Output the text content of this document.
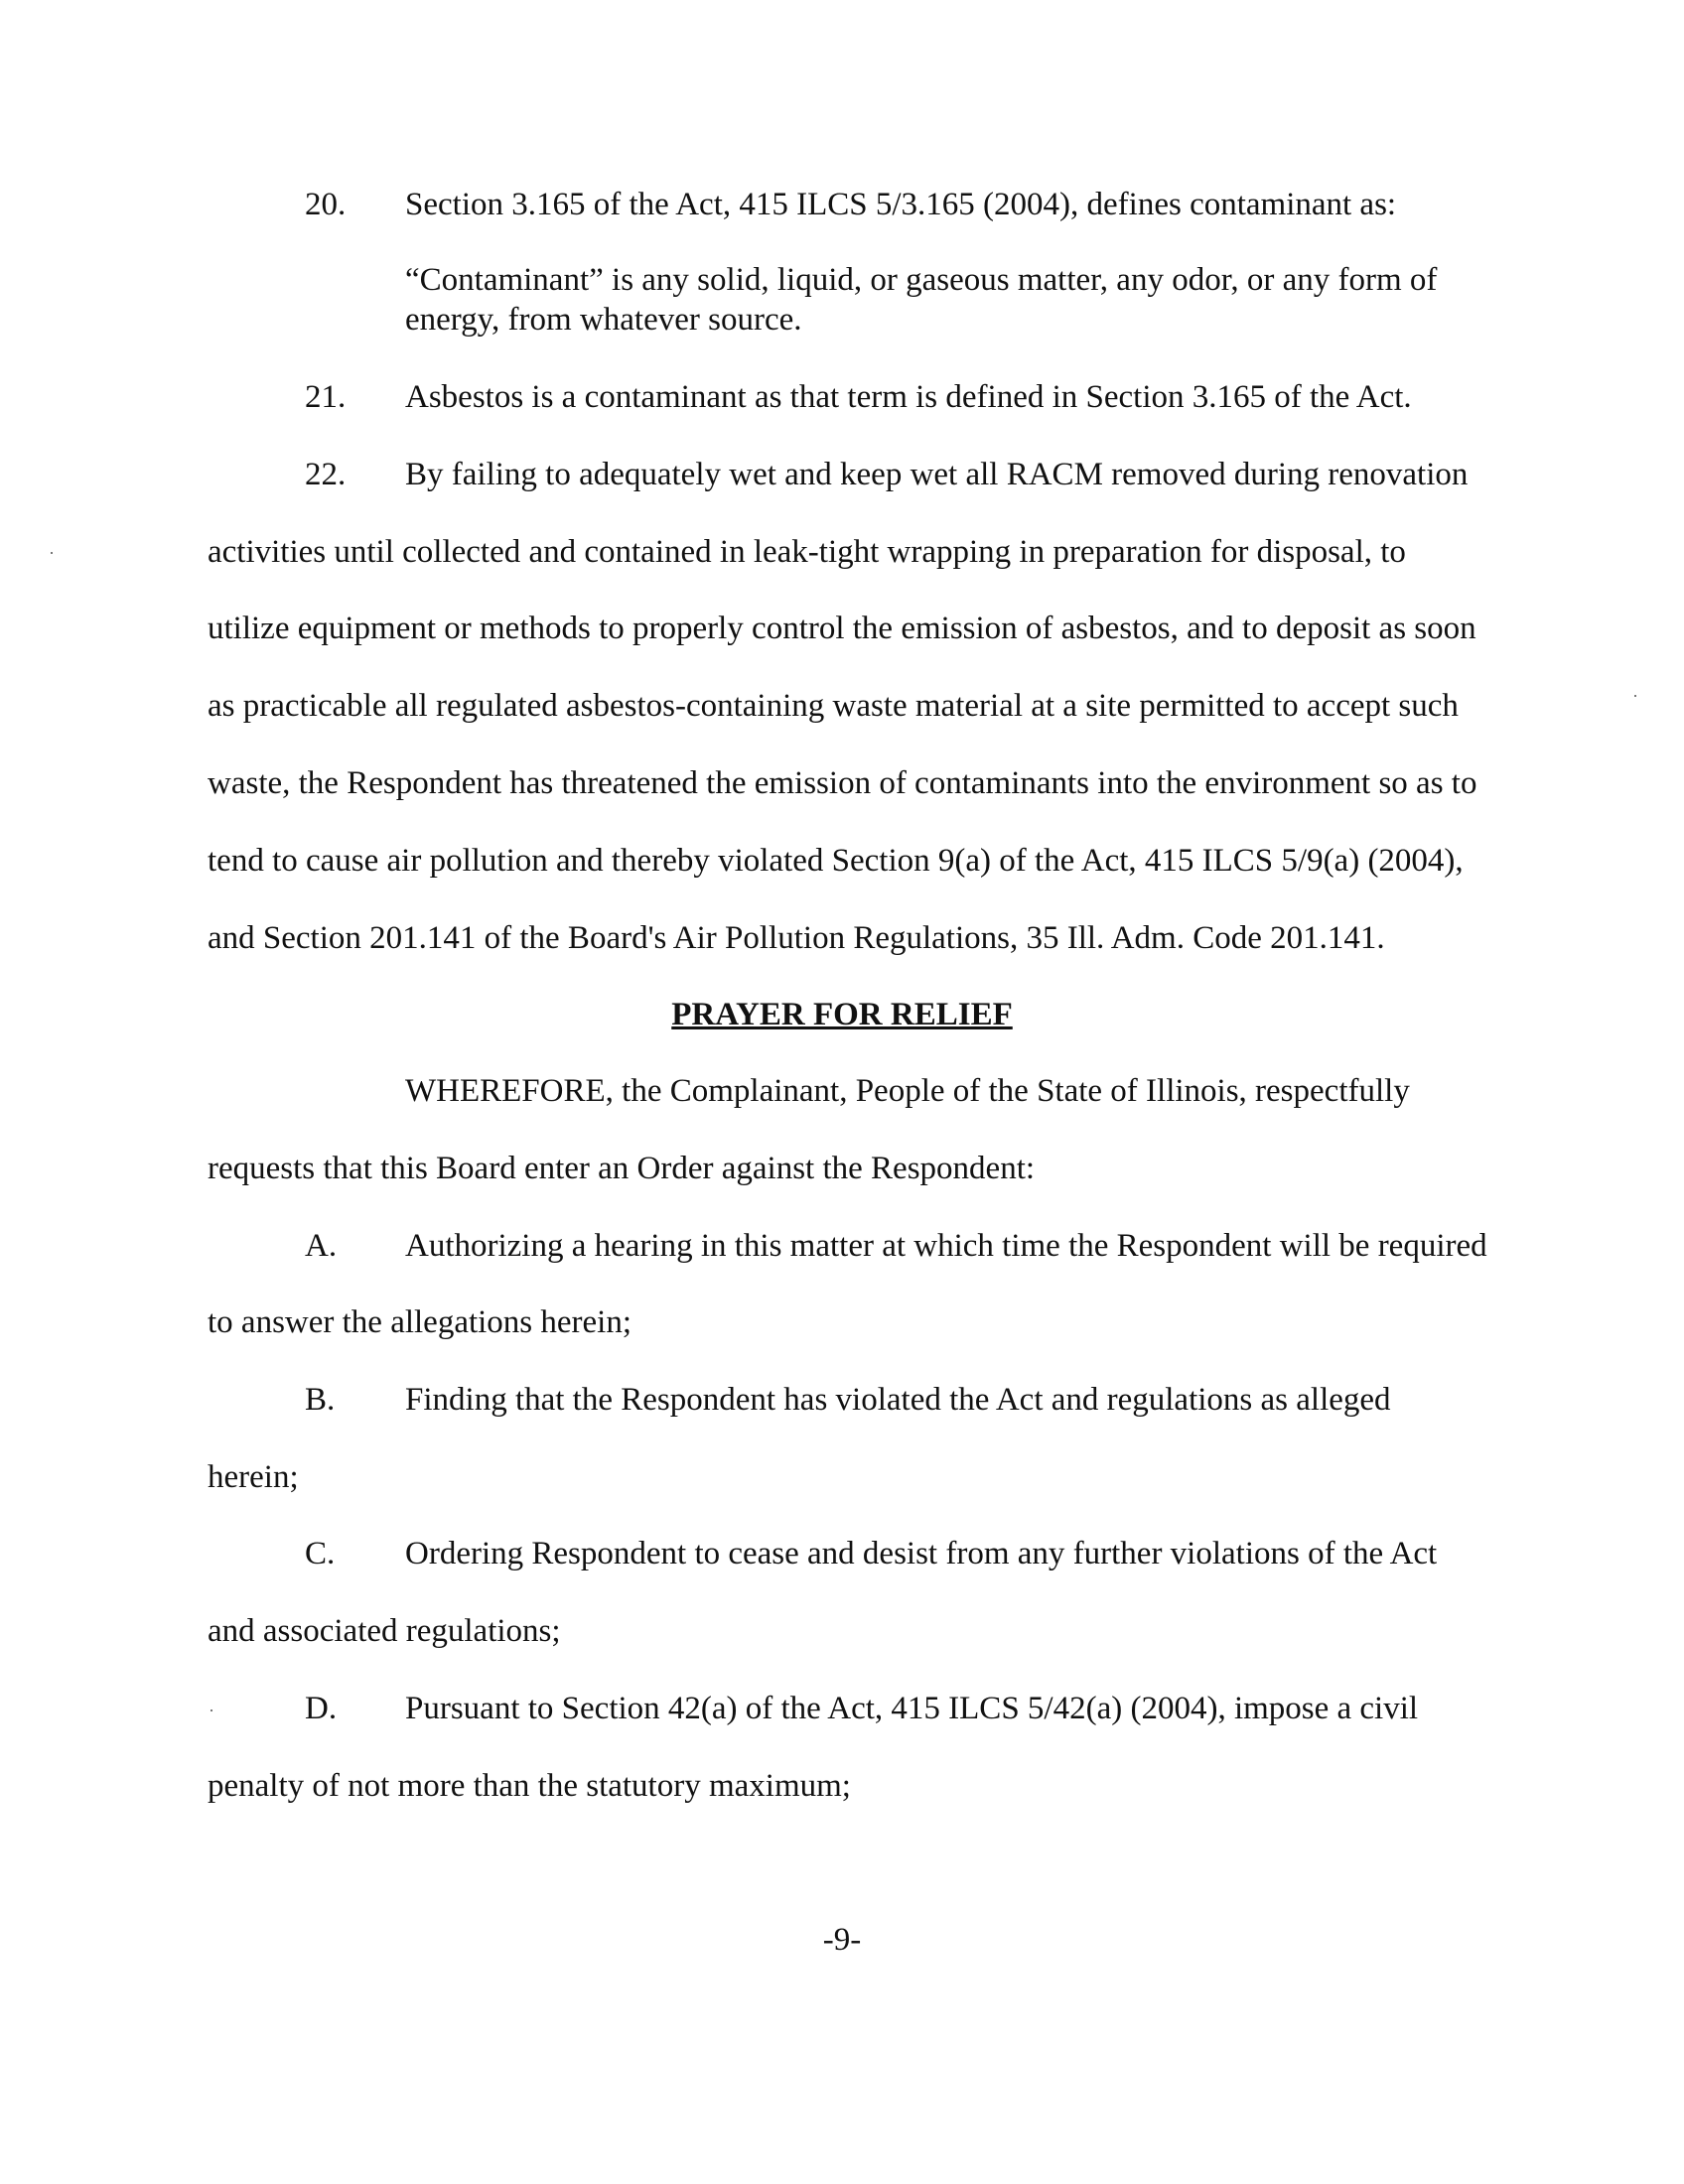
20. Section 3.165 of the Act, 415 ILCS 5/3.165 (2004), defines contaminant as:
“Contaminant” is any solid, liquid, or gaseous matter, any odor, or any form of
energy, from whatever source.
21. Asbestos is a contaminant as that term is defined in Section 3.165 of the Act.
22. By failing to adequately wet and keep wet all RACM removed during renovation
activities until collected and contained in leak-tight wrapping in preparation for disposal, to
utilize equipment or methods to properly control the emission of asbestos, and to deposit as soon
as practicable all regulated asbestos-containing waste material at a site permitted to accept such
waste, the Respondent has threatened the emission of contaminants into the environment so as to
tend to cause air pollution and thereby violated Section 9(a) of the Act, 415 ILCS 5/9(a) (2004),
and Section 201.141 of the Board's Air Pollution Regulations, 35 Ill. Adm. Code 201.141.
PRAYER FOR RELIEF
WHEREFORE, the Complainant, People of the State of Illinois, respectfully
requests that this Board enter an Order against the Respondent:
A. Authorizing a hearing in this matter at which time the Respondent will be required
to answer the allegations herein;
B. Finding that the Respondent has violated the Act and regulations as alleged
herein;
C. Ordering Respondent to cease and desist from any further violations of the Act
and associated regulations;
D. Pursuant to Section 42(a) of the Act, 415 ILCS 5/42(a) (2004), impose a civil
penalty of not more than the statutory maximum;
-9-
